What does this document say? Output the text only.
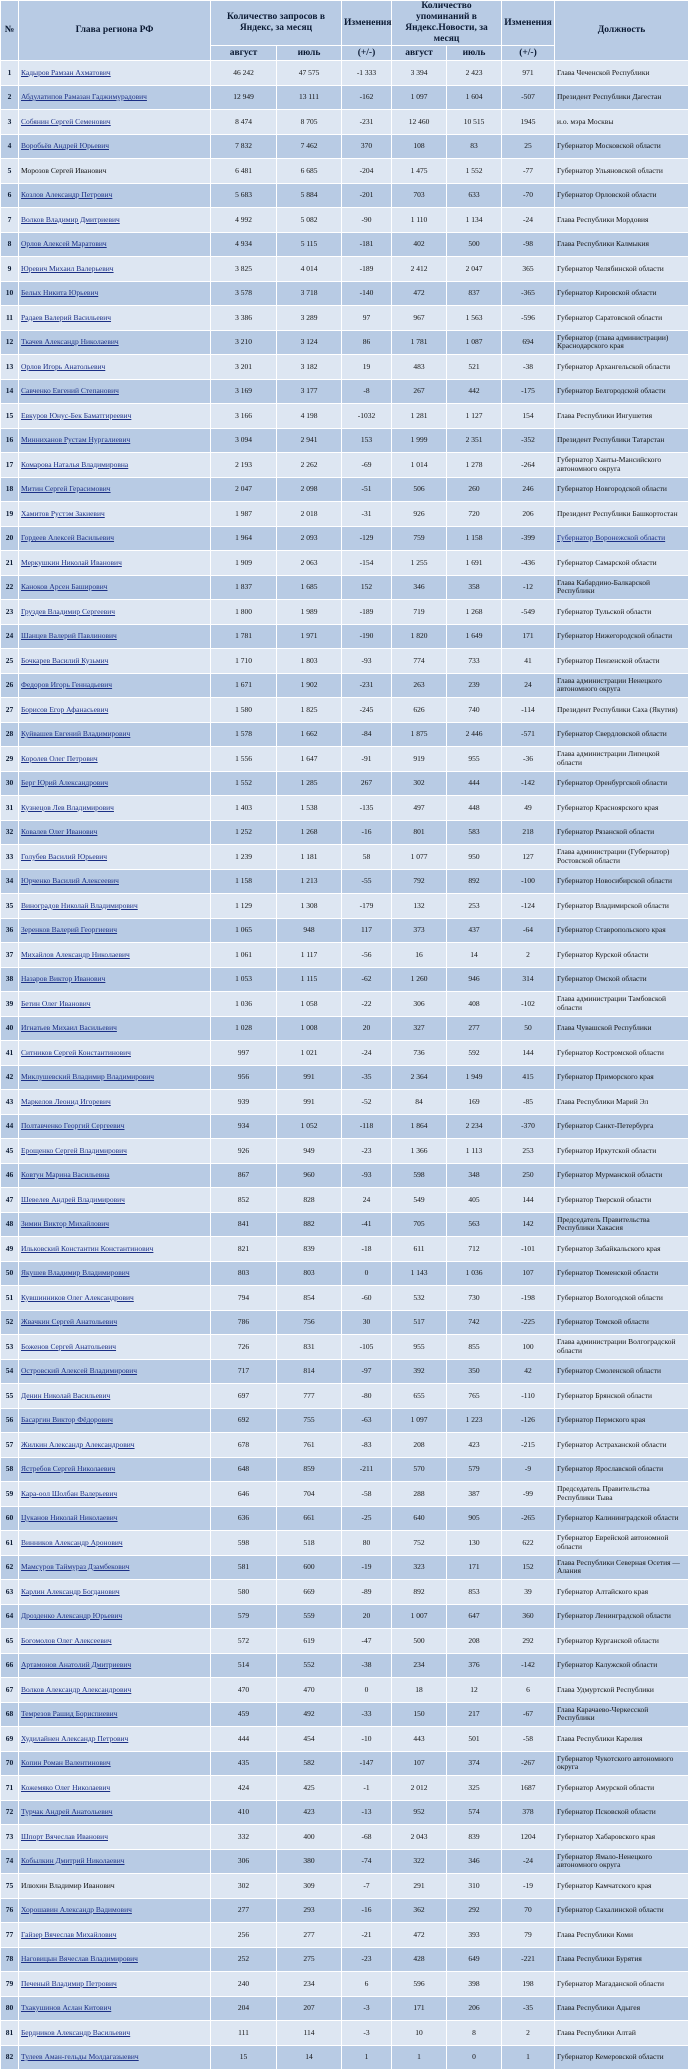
№	Глава региона РФ	Количество запросов в Яндекс, за месяц		Изменения	Количество упоминаний в Яндекс.Новости, за месяц		Изменения	Должность
		август	июль	(+/-)	август	июль	(+/-)	
1	Кадыров Рамзан Ахматович	46 242	47 575	-1 333	3 394	2 423	971	Глава Чеченской Республики

2	Абдулатипов Рамазан Гаджимурадович	12 949	13 111	-162	1 097	1 604	-507	Президент Республики Дагестан

3	Собянин Сергей Семенович	8 474	8 705	-231	12 460	10 515	1945	и.о. мэра Москвы

4	Воробьёв Андрей Юрьевич	7 832	7 462	370	108	83	25	Губернатор Московской области

5	Морозов Сергей Иванович	6 481	6 685	-204	1 475	1 552	-77	Губернатор Ульяновской области

6	Козлов Александр Петрович	5 683	5 884	-201	703	633	-70	Губернатор Орловской области

7	Волков Владимир Дмитриевич	4 992	5 082	-90	1 110	1 134	-24	Глава Республики Мордовия

8	Орлов Алексей Маратович	4 934	5 115	-181	402	500	-98	Глава Республики Калмыкия

9	Юревич Михаил Валерьевич	3 825	4 014	-189	2 412	2 047	365	Губернатор Челябинской области

10	Белых Никита Юрьевич	3 578	3 718	-140	472	837	-365	Губернатор Кировской области

11	Радаев Валерий Васильевич	3 386	3 289	97	967	1 563	-596	Губернатор Саратовской области

12	Ткачев Александр Николаевич	3 210	3 124	86	1 781	1 087	694	Губернатор (глава администрации) Краснодарского края

13	Орлов Игорь Анатольевич	3 201	3 182	19	483	521	-38	Губернатор Архангельской области

14	Савченко Евгений Степанович	3 169	3 177	-8	267	442	-175	Губернатор Белгородской области

15	Евкуров Юнус-Бек Баматгиреевич	3 166	4 198	-1032	1 281	1 127	154	Глава Республики Ингушетия

16	Минниханов Рустам Нургалиевич	3 094	2 941	153	1 999	2 351	-352	Президент Республики Татарстан

17	Комарова Наталья Владимировна	2 193	2 262	-69	1 014	1 278	-264	Губернатор Ханты-Мансийского автономного округа

18	Митин Сергей Герасимович	2 047	2 098	-51	506	260	246	Губернатор Новгородской области

19	Хамитов Рустэм Закиевич	1 987	2 018	-31	926	720	206	Президент Республики Башкортостан

20	Гордеев Алексей Васильевич	1 964	2 093	-129	759	1 158	-399	Губернатор Воронежской области

21	Меркушкин Николай Иванович	1 909	2 063	-154	1 255	1 691	-436	Губернатор Самарской области

22	Каноков Арсен Баширович	1 837	1 685	152	346	358	-12	Глава Кабардино-Балкарской Республики

23	Груздев Владимир Сергеевич	1 800	1 989	-189	719	1 268	-549	Губернатор Тульской области

24	Шанцев Валерий Павлинович	1 781	1 971	-190	1 820	1 649	171	Губернатор Нижегородской области

25	Бочкарев Василий Кузьмич	1 710	1 803	-93	774	733	41	Губернатор Пензенской области

26	Федоров Игорь Геннадьевич	1 671	1 902	-231	263	239	24	Глава администрации Ненецкого автономного округа

27	Борисов Егор Афанасьевич	1 580	1 825	-245	626	740	-114	Президент Республики Саха (Якутия)

28	Куйвашев Евгений Владимирович	1 578	1 662	-84	1 875	2 446	-571	Губернатор Свердловской области

29	Королев Олег Петрович	1 556	1 647	-91	919	955	-36	Глава администрации Липецкой области

30	Берг Юрий Александрович	1 552	1 285	267	302	444	-142	Губернатор Оренбургской области

31	Кузнецов Лев Владимирович	1 403	1 538	-135	497	448	49	Губернатор Красноярского края

32	Ковалев Олег Иванович	1 252	1 268	-16	801	583	218	Губернатор Рязанской области

33	Голубев Василий Юрьевич	1 239	1 181	58	1 077	950	127	Глава администрации (Губернатор) Ростовской области

34	Юрченко Василий Алексеевич	1 158	1 213	-55	792	892	-100	Губернатор Новосибирской области

35	Виноградов Николай Владимирович	1 129	1 308	-179	132	253	-124	Губернатор Владимирской области

36	Зеренков Валерий Георгиевич	1 065	948	117	373	437	-64	Губернатор Ставропольского края

37	Михайлов Александр Николаевич	1 061	1 117	-56	16	14	2	Губернатор Курской области

38	Назаров Виктор Иванович	1 053	1 115	-62	1 260	946	314	Губернатор Омской области

39	Бетин Олег Иванович	1 036	1 058	-22	306	408	-102	Глава администрации Тамбовской области

40	Игнатьев Михаил Васильевич	1 028	1 008	20	327	277	50	Глава Чувашской Республики

41	Ситников Сергей Константинович	997	1 021	-24	736	592	144	Губернатор Костромской области

42	Миклушевский Владимир Владимирович	956	991	-35	2 364	1 949	415	Губернатор Приморского края

43	Маркелов Леонид Игоревич	939	991	-52	84	169	-85	Глава Республики Марий Эл

44	Полтавченко Георгий Сергеевич	934	1 052	-118	1 864	2 234	-370	Губернатор Санкт-Петербурга

45	Ерощенко Сергей Владимирович	926	949	-23	1 366	1 113	253	Губернатор Иркутской области

46	Ковтун Марина Васильевна	867	960	-93	598	348	250	Губернатор Мурманской области

47	Шевелев Андрей Владимирович	852	828	24	549	405	144	Губернатор Тверской области

48	Зимин Виктор Михайлович	841	882	-41	705	563	142	Председатель Правительства Республики Хакасия

49	Ильковский Константин Константинович	821	839	-18	611	712	-101	Губернатор Забайкальского края

50	Якушев Владимир Владимирович	803	803	0	1 143	1 036	107	Губернатор Тюменской области

51	Кувшинников Олег Александрович	794	854	-60	532	730	-198	Губернатор Вологодской области

52	Жвачкин Сергей Анатольевич	786	756	30	517	742	-225	Губернатор Томской области

53	Боженов Сергей Анатольевич	726	831	-105	955	855	100	Глава администрации Волгоградской области

54	Островский Алексей Владимирович	717	814	-97	392	350	42	Губернатор Смоленской области

55	Денин Николай Васильевич	697	777	-80	655	765	-110	Губернатор Брянской области

56	Басаргин Виктор Фёдорович	692	755	-63	1 097	1 223	-126	Губернатор Пермского края

57	Жилкин Александр Александрович	678	761	-83	208	423	-215	Губернатор Астраханской области

58	Ястребов Сергей Николаевич	648	859	-211	570	579	-9	Губернатор Ярославской области

59	Кара-оол Шолбан Валерьевич	646	704	-58	288	387	-99	Председатель Правительства Республики Тыва

60	Цуканов Николай Николаевич	636	661	-25	640	905	-265	Губернатор Калининградской области

61	Винников Александр Аронович	598	518	80	752	130	622	Губернатор Еврейской автономной области

62	Мамсуров Таймураз Дзамбекович	581	600	-19	323	171	152	Глава Республики Северная Осетия — Алания

63	Карлин Александр Богданович	580	669	-89	892	853	39	Губернатор Алтайского края

64	Дрозденко Александр Юрьевич	579	559	20	1 007	647	360	Губернатор Ленинградской области

65	Богомолов Олег Алексеевич	572	619	-47	500	208	292	Губернатор Курганской области

66	Артамонов Анатолий Дмитриевич	514	552	-38	234	376	-142	Губернатор Калужской области

67	Волков Александр Александрович	470	470	0	18	12	6	Глава Удмуртской Республики

68	Темрезов Рашид Бориспиевич	459	492	-33	150	217	-67	Глава Карачаево-Черкесской Республики

69	Худилайнен Александр Петрович	444	454	-10	443	501	-58	Глава Республики Карелия

70	Копин Роман Валентинович	435	582	-147	107	374	-267	Губернатор Чукотского автономного округа

71	Кожемяко Олег Николаевич	424	425	-1	2 012	325	1687	Губернатор Амурской области

72	Турчак Андрей Анатольевич	410	423	-13	952	574	378	Губернатор Псковской области

73	Шпорт Вячеслав Иванович	332	400	-68	2 043	839	1204	Губернатор Хабаровского края

74	Кобылкин Дмитрий Николаевич	306	380	-74	322	346	-24	Губернатор Ямало-Ненецкого автономного округа

75	Илюхин Владимир Иванович	302	309	-7	291	310	-19	Губернатор Камчатского края

76	Хорошавин Александр Вадимович	277	293	-16	362	292	70	Губернатор Сахалинской области

77	Гайзер Вячеслав Михайлович	256	277	-21	472	393	79	Глава Республики Коми

78	Наговицын Вячеслав Владимирович	252	275	-23	428	649	-221	Глава Республики Бурятия

79	Печеный Владимир Петрович	240	234	6	596	398	198	Губернатор Магаданской области

80	Тхакушинов Аслан Китович	204	207	-3	171	206	-35	Глава Республики Адыгея

81	Бердников Александр Васильевич	111	114	-3	10	8	2	Глава Республики Алтай

82	Тулеев Аман-гельды Молдагазыевич	15	14	1	1	0	1	Губернатор Кемеровской области
